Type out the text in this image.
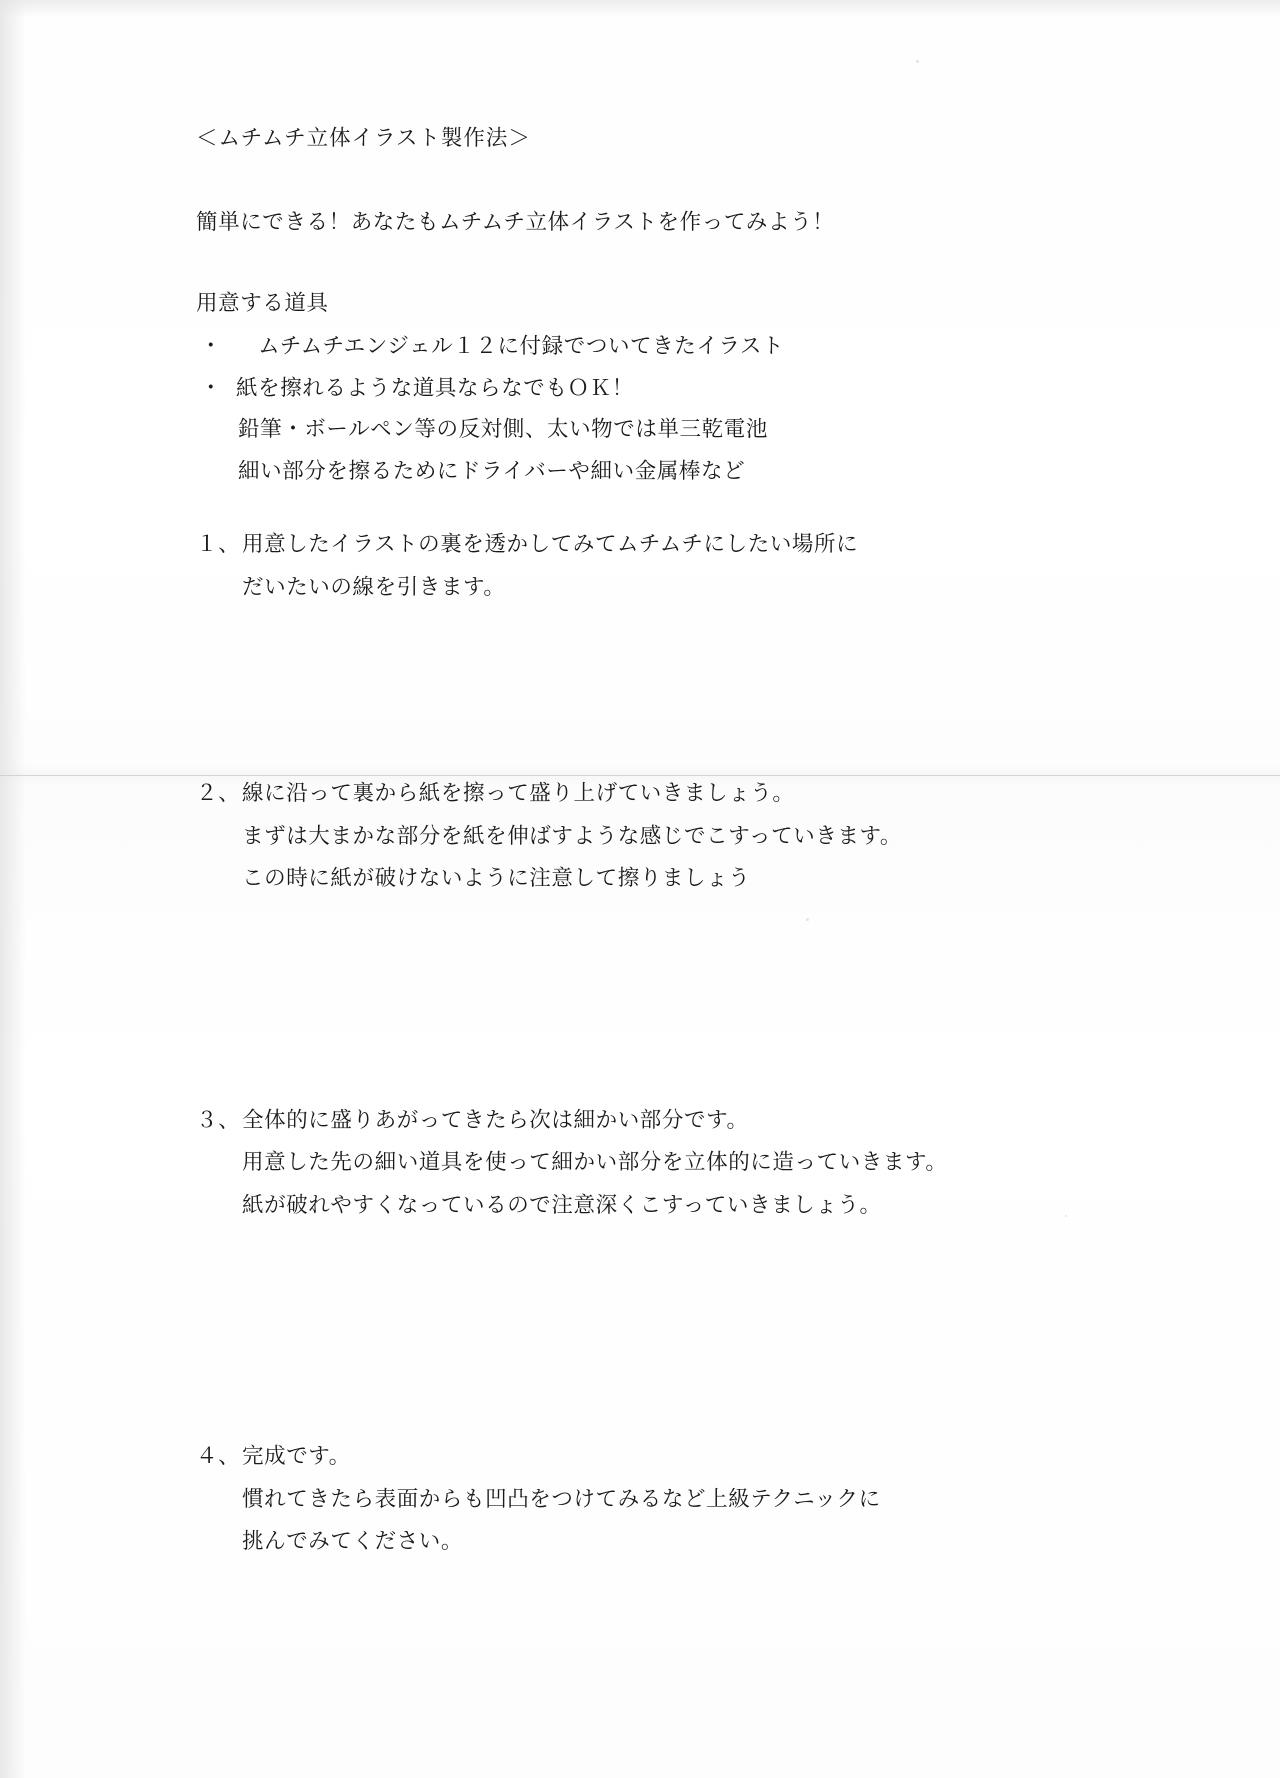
＜ムチムチ立体イラスト製作法＞

簡単にできる！あなたもムチムチ立体イラストを作ってみよう！

用意する道具

・ 　ムチムチエンジェル１２に付録でついてきたイラスト
・ 紙を擦れるような道具ならなでもＯＫ！
鉛筆・ボールペン等の反対側、太い物では単三乾電池
細い部分を擦るためにドライバーや細い金属棒など
１、 用意したイラストの裏を透かしてみてムチムチにしたい場所に
だいたいの線を引きます。
２、 線に沿って裏から紙を擦って盛り上げていきましょう。
まずは大まかな部分を紙を伸ばすような感じでこすっていきます。
この時に紙が破けないように注意して擦りましょう
３、 全体的に盛りあがってきたら次は細かい部分です。
用意した先の細い道具を使って細かい部分を立体的に造っていきます。
紙が破れやすくなっているので注意深くこすっていきましょう。
４、 完成です。
慣れてきたら表面からも凹凸をつけてみるなど上級テクニックに
挑んでみてください。
